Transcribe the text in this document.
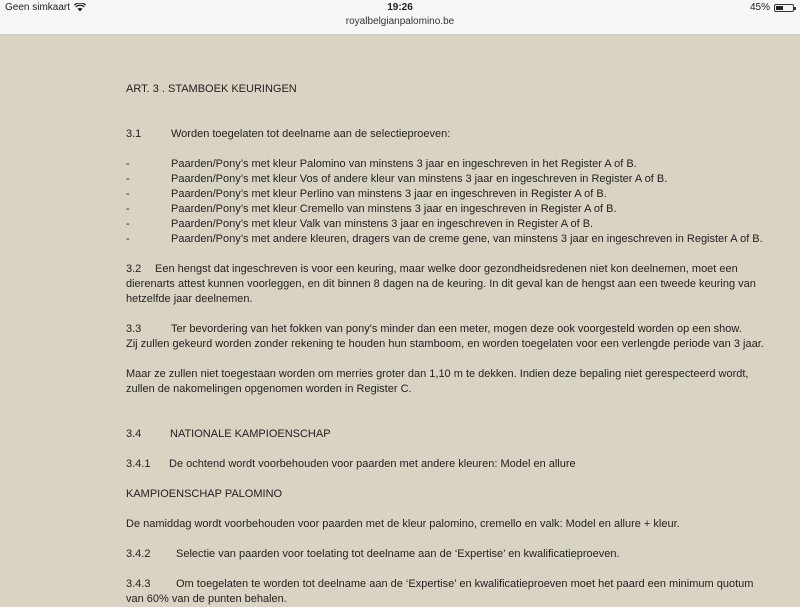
Geen simkaart	19:26	45%
royalbelgianpalomino.be

ART. 3 . STAMBOEK KEURINGEN

3.1	Worden toegelaten tot deelname aan de selectieproeven:

-	Paarden/Pony’s met kleur Palomino van minstens 3 jaar en ingeschreven in het Register A of B.

-	Paarden/Pony’s met kleur Vos of andere kleur van minstens 3 jaar en ingeschreven in Register A of B.

-	Paarden/Pony’s met kleur Perlino van minstens 3 jaar en ingeschreven in Register A of B.

-	Paarden/Pony’s met kleur Cremello van minstens 3 jaar en ingeschreven in Register A of B.

-	Paarden/Pony’s met kleur Valk van minstens 3 jaar en ingeschreven in Register A of B.

-	Paarden/Pony’s met andere kleuren, dragers van de creme gene, van minstens 3 jaar en ingeschreven in Register A of B.

3.2 Een hengst dat ingeschreven is voor een keuring, maar welke door gezondheidsredenen niet kon deelnemen, moet een dierenarts attest kunnen voorleggen, en dit binnen 8 dagen na de keuring. In dit geval kan de hengst aan een tweede keuring van hetzelfde jaar deelnemen.

3.3	Ter bevordering van het fokken van pony's minder dan een meter, mogen deze ook voorgesteld worden op een show.

Zij zullen gekeurd worden zonder rekening te houden hun stamboom, en worden toegelaten voor een verlengde periode van 3 jaar.

Maar ze zullen niet toegestaan worden om merries groter dan 1,10 m te dekken. Indien deze bepaling niet gerespecteerd wordt, zullen de nakomelingen opgenomen worden in Register C.

3.4	NATIONALE KAMPIOENSCHAP

3.4.1 De ochtend wordt voorbehouden voor paarden met andere kleuren: Model en allure

KAMPIOENSCHAP PALOMINO

De namiddag wordt voorbehouden voor paarden met de kleur palomino, cremello en valk: Model en allure + kleur.

3.4.2 Selectie van paarden voor toelating tot deelname aan de ‘Expertise’ en kwalificatieproeven.

3.4.3 Om toegelaten te worden tot deelname aan de ‘Expertise’ en kwalificatieproeven moet het paard een minimum quotum van 60% van de punten behalen.
